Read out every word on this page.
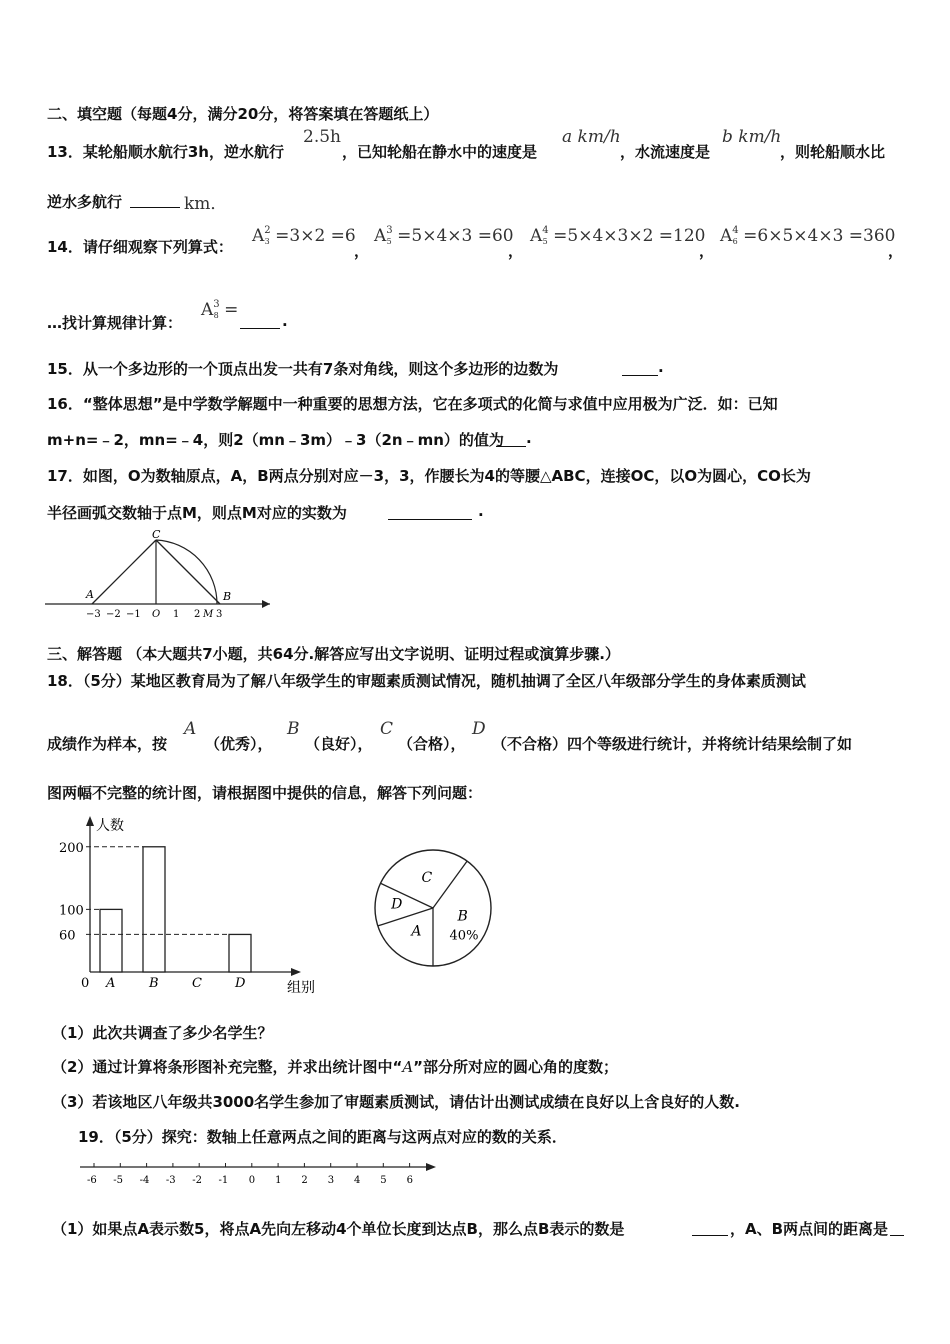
二、填空题（每题4分，满分20分，将答案填在答题纸上）
13．某轮船顺水航行3h，逆水航行
2.5h
，已知轮船在静水中的速度是
a km/h
，水流速度是
b km/h
，则轮船顺水比
逆水多航行	km．
14．请仔细观察下列算式：
$A^23 =3\times 2 =6$
，
$A^35 =5\times 4\times 3 =60$
，
$A^45 =5\times 4\times 3\times 2 =120$
，
$A^46 =6\times 5\times 4\times 3 =360$
，
…找计算规律计算：
$A^38$ =
.
15．从一个多边形的一个顶点出发一共有7条对角线，则这个多边形的边数为	.
16．“整体思想”是中学数学解题中一种重要的思想方法，它在多项式的化简与求值中应用极为广泛．如：已知
m+n=﹣2，mn=﹣4，则2（mn﹣3m）﹣3（2n﹣mn）的值为 .
17．如图，O为数轴原点，A，B两点分别对应－3，3，作腰长为4的等腰△ABC，连接OC，以O为圆心，CO长为
半径画弧交数轴于点M，则点M对应的实数为	.
A	B
C
−3 −2 −1 O 1 2 M 3
三、解答题 （本大题共7小题，共64分.解答应写出文字说明、证明过程或演算步骤.）
18．（5分）某地区教育局为了解八年级学生的审题素质测试情况，随机抽调了全区八年级部分学生的身体素质测试
成绩作为样本，按
A
（优秀），
B
（良好），
C
（合格），
D
（不合格）四个等级进行统计，并将统计结果绘制了如
图两幅不完整的统计图，请根据图中提供的信息，解答下列问题：
人数
组别
0
60
100
200
A	B	C	D
B
40%
C
D
A
（1）此次共调查了多少名学生？
（2）通过计算将条形图补充完整，并求出统计图中“A”部分所对应的圆心角的度数；
（3）若该地区八年级共3000名学生参加了审题素质测试，请估计出测试成绩在良好以上含良好的人数.
19．（5分）探究：数轴上任意两点之间的距离与这两点对应的数的关系．
-6 -5 -4 -3 -2 -1 0 1 2 3 4 5 6
（1）如果点A表示数5，将点A先向左移动4个单位长度到达点B，那么点B表示的数是	，A、B两点间的距离是
